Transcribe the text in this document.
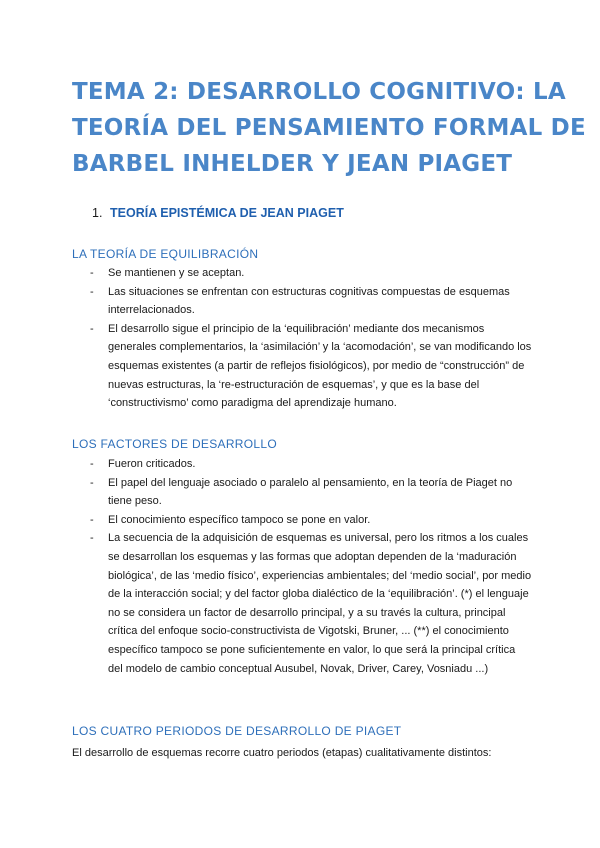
TEMA 2: DESARROLLO COGNITIVO: LA
TEORÍA DEL PENSAMIENTO FORMAL DE
BARBEL INHELDER Y JEAN PIAGET
1. TEORÍA EPISTÉMICA DE JEAN PIAGET
LA TEORÍA DE EQUILIBRACIÓN
- Se mantienen y se aceptan.
- Las situaciones se enfrentan con estructuras cognitivas compuestas de esquemas interrelacionados.
- El desarrollo sigue el principio de la ‘equilibración’ mediante dos mecanismos generales complementarios, la ‘asimilación’ y la ‘acomodación’, se van modificando los esquemas existentes (a partir de reflejos fisiológicos), por medio de “construcción” de nuevas estructuras, la ‘re-estructuración de esquemas’, y que es la base del ‘constructivismo’ como paradigma del aprendizaje humano.
LOS FACTORES DE DESARROLLO
- Fueron criticados.
- El papel del lenguaje asociado o paralelo al pensamiento, en la teoría de Piaget no tiene peso.
- El conocimiento específico tampoco se pone en valor.
- La secuencia de la adquisición de esquemas es universal, pero los ritmos a los cuales se desarrollan los esquemas y las formas que adoptan dependen de la ‘maduración biológica’, de las ‘medio físico’, experiencias ambientales; del ‘medio social’, por medio de la interacción social; y del factor globa dialéctico de la ‘equilibración’. (*) el lenguaje no se considera un factor de desarrollo principal, y a su través la cultura, principal crítica del enfoque socio-constructivista de Vigotski, Bruner, ... (**) el conocimiento específico tampoco se pone suficientemente en valor, lo que será la principal crítica del modelo de cambio conceptual Ausubel, Novak, Driver, Carey, Vosniadu ...)
LOS CUATRO PERIODOS DE DESARROLLO DE PIAGET
El desarrollo de esquemas recorre cuatro periodos (etapas) cualitativamente distintos:
